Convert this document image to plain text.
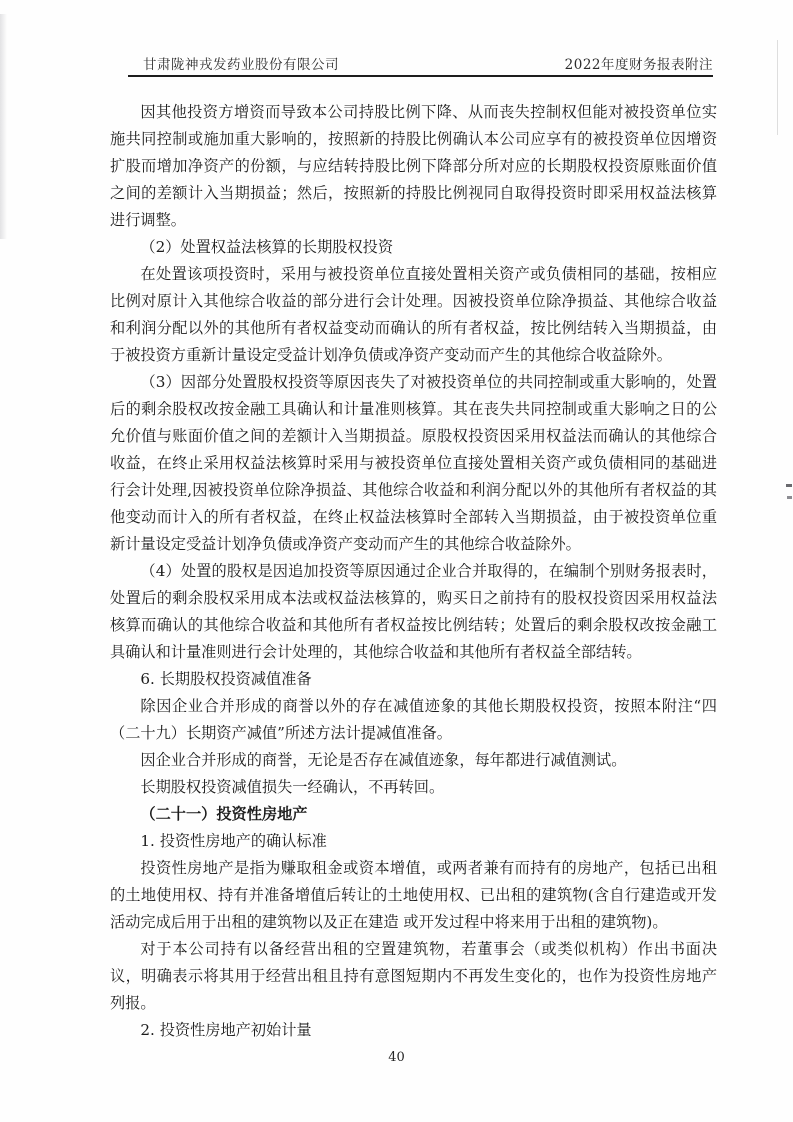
甘肃陇神戎发药业股份有限公司	2022年度财务报表附注

因其他投资方增资而导致本公司持股比例下降、从而丧失控制权但能对被投资单位实施共同控制或施加重大影响的，按照新的持股比例确认本公司应享有的被投资单位因增资扩股而增加净资产的份额，与应结转持股比例下降部分所对应的长期股权投资原账面价值之间的差额计入当期损益；然后，按照新的持股比例视同自取得投资时即采用权益法核算进行调整。

（2）处置权益法核算的长期股权投资

在处置该项投资时，采用与被投资单位直接处置相关资产或负债相同的基础，按相应比例对原计入其他综合收益的部分进行会计处理。因被投资单位除净损益、其他综合收益和利润分配以外的其他所有者权益变动而确认的所有者权益，按比例结转入当期损益，由于被投资方重新计量设定受益计划净负债或净资产变动而产生的其他综合收益除外。

（3）因部分处置股权投资等原因丧失了对被投资单位的共同控制或重大影响的，处置后的剩余股权改按金融工具确认和计量准则核算。其在丧失共同控制或重大影响之日的公允价值与账面价值之间的差额计入当期损益。原股权投资因采用权益法而确认的其他综合收益，在终止采用权益法核算时采用与被投资单位直接处置相关资产或负债相同的基础进行会计处理,因被投资单位除净损益、其他综合收益和利润分配以外的其他所有者权益的其他变动而计入的所有者权益，在终止权益法核算时全部转入当期损益，由于被投资单位重新计量设定受益计划净负债或净资产变动而产生的其他综合收益除外。

（4）处置的股权是因追加投资等原因通过企业合并取得的，在编制个别财务报表时，处置后的剩余股权采用成本法或权益法核算的，购买日之前持有的股权投资因采用权益法核算而确认的其他综合收益和其他所有者权益按比例结转；处置后的剩余股权改按金融工具确认和计量准则进行会计处理的，其他综合收益和其他所有者权益全部结转。

6. 长期股权投资减值准备

除因企业合并形成的商誉以外的存在减值迹象的其他长期股权投资，按照本附注“四（二十九）长期资产减值”所述方法计提减值准备。

因企业合并形成的商誉，无论是否存在减值迹象，每年都进行减值测试。

长期股权投资减值损失一经确认，不再转回。

（二十一）投资性房地产

1. 投资性房地产的确认标准

投资性房地产是指为赚取租金或资本增值，或两者兼有而持有的房地产，包括已出租的土地使用权、持有并准备增值后转让的土地使用权、已出租的建筑物(含自行建造或开发活动完成后用于出租的建筑物以及正在建造 或开发过程中将来用于出租的建筑物)。

对于本公司持有以备经营出租的空置建筑物，若董事会（或类似机构）作出书面决议，明确表示将其用于经营出租且持有意图短期内不再发生变化的，也作为投资性房地产列报。

2. 投资性房地产初始计量

40
